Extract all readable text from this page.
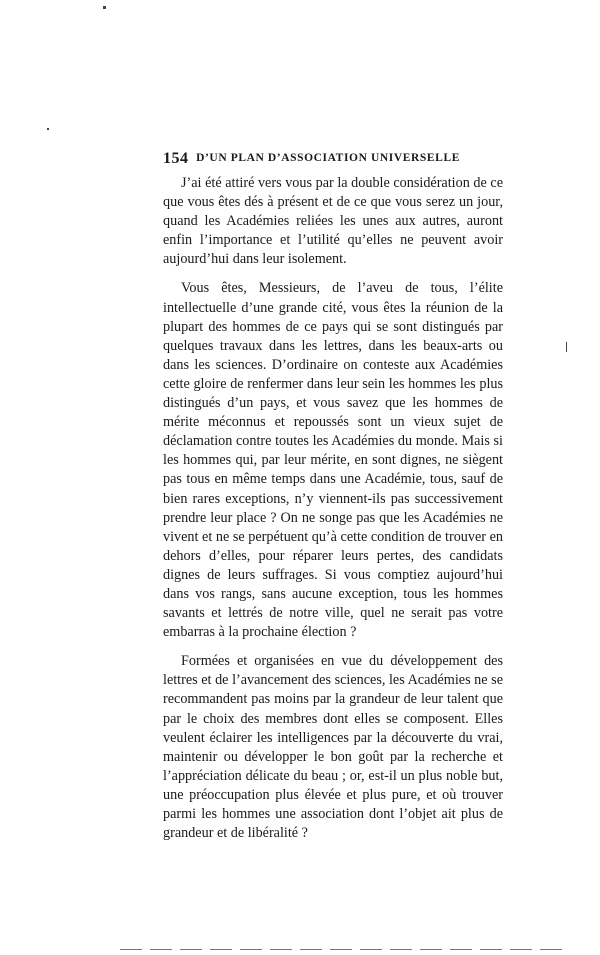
154 D’UN PLAN D’ASSOCIATION UNIVERSELLE

J’ai été attiré vers vous par la double considération de ce que vous êtes dés à présent et de ce que vous serez un jour, quand les Académies reliées les unes aux autres, auront enfin l’importance et l’utilité qu’elles ne peuvent avoir aujourd’hui dans leur isolement.

Vous êtes, Messieurs, de l’aveu de tous, l’élite intellectuelle d’une grande cité, vous êtes la réunion de la plupart des hommes de ce pays qui se sont distingués par quelques travaux dans les lettres, dans les beaux-arts ou dans les sciences. D’ordinaire on conteste aux Académies cette gloire de renfermer dans leur sein les hommes les plus distingués d’un pays, et vous savez que les hommes de mérite méconnus et repoussés sont un vieux sujet de déclamation contre toutes les Académies du monde. Mais si les hommes qui, par leur mérite, en sont dignes, ne siègent pas tous en même temps dans une Académie, tous, sauf de bien rares exceptions, n’y viennent-ils pas successivement prendre leur place ? On ne songe pas que les Académies ne vivent et ne se perpétuent qu’à cette condition de trouver en dehors d’elles, pour réparer leurs pertes, des candidats dignes de leurs suffrages. Si vous comptiez aujourd’hui dans vos rangs, sans aucune exception, tous les hommes savants et lettrés de notre ville, quel ne serait pas votre embarras à la prochaine élection ?

Formées et organisées en vue du développement des lettres et de l’avancement des sciences, les Académies ne se recommandent pas moins par la grandeur de leur talent que par le choix des membres dont elles se composent. Elles veulent éclairer les intelligences par la découverte du vrai, maintenir ou développer le bon goût par la recherche et l’appréciation délicate du beau ; or, est-il un plus noble but, une préoccupation plus élevée et plus pure, et où trouver parmi les hommes une association dont l’objet ait plus de grandeur et de libéralité ?
